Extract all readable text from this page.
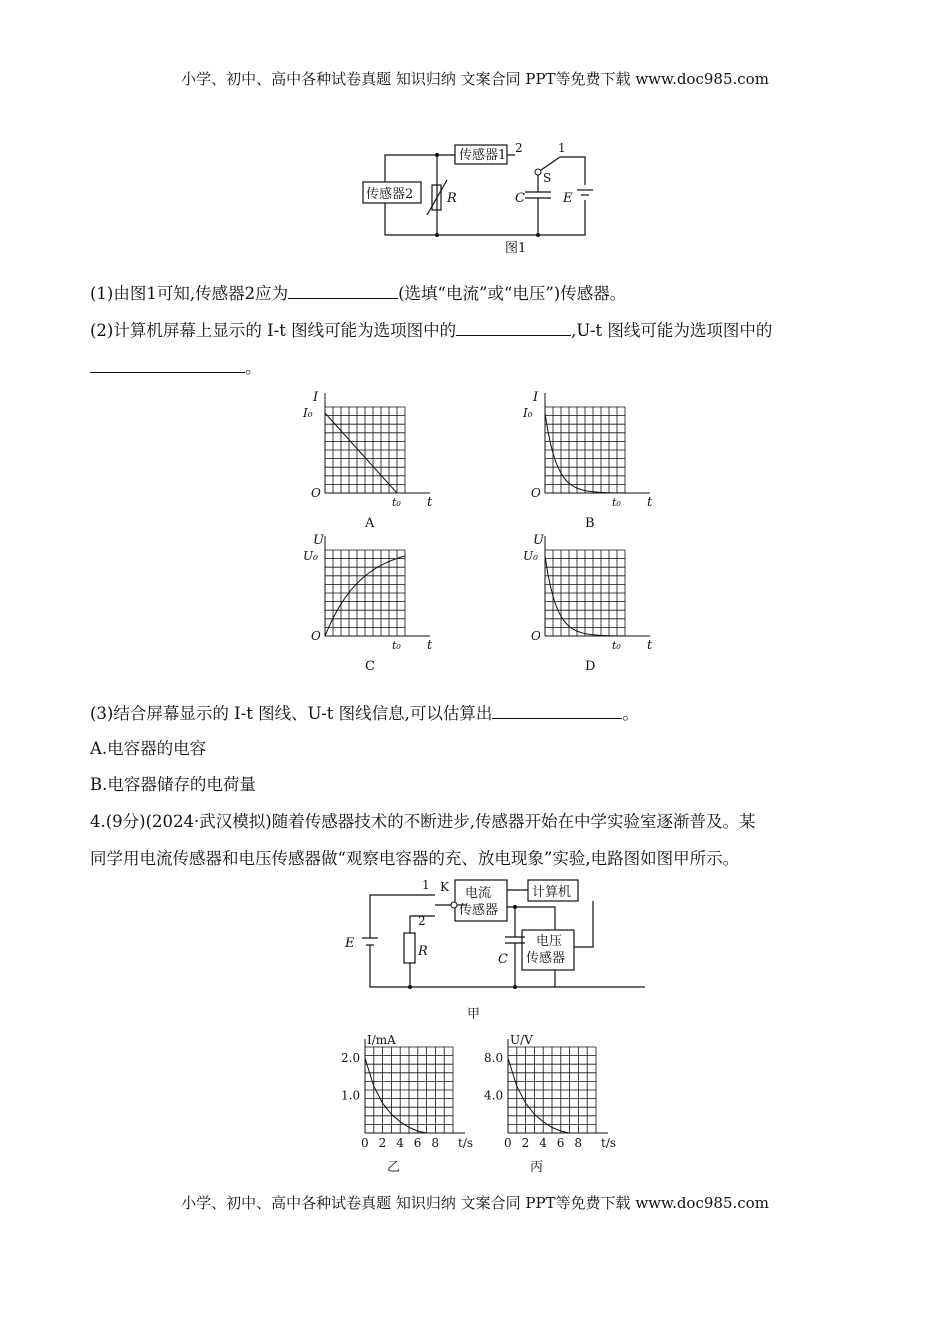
小学、初中、高中各种试卷真题 知识归纳 文案合同 PPT等免费下载 www.doc985.com
传感器1
传感器2
2	1
S
R	C	E
图1
(1)由图1可知,传感器2应为	(选填“电流”或“电压”)传感器。
(2)计算机屏幕上显示的 I-t 图线可能为选项图中的	,U-t 图线可能为选项图中的
。
I
I₀
O
t₀ t
A
I
I₀
O
t₀ t
B
U
U₀
O
t₀ t
C
U
U₀
O
t₀ t
D
(3)结合屏幕显示的 I-t 图线、U-t 图线信息,可以估算出	。
A.电容器的电容
B.电容器储存的电荷量
4.(9分)(2024·武汉模拟)随着传感器技术的不断进步,传感器开始在中学实验室逐渐普及。某
同学用电流传感器和电压传感器做“观察电容器的充、放电现象”实验,电路图如图甲所示。
电流
传感器
计算机
电压
传感器
K
1
2
E
R
C
甲
2.0
1.0
0 2 4 6 8
I/mA
t/s
乙
8.0
4.0
0 2 4 6 8
U/V
t/s
丙
小学、初中、高中各种试卷真题 知识归纳 文案合同 PPT等免费下载 www.doc985.com
